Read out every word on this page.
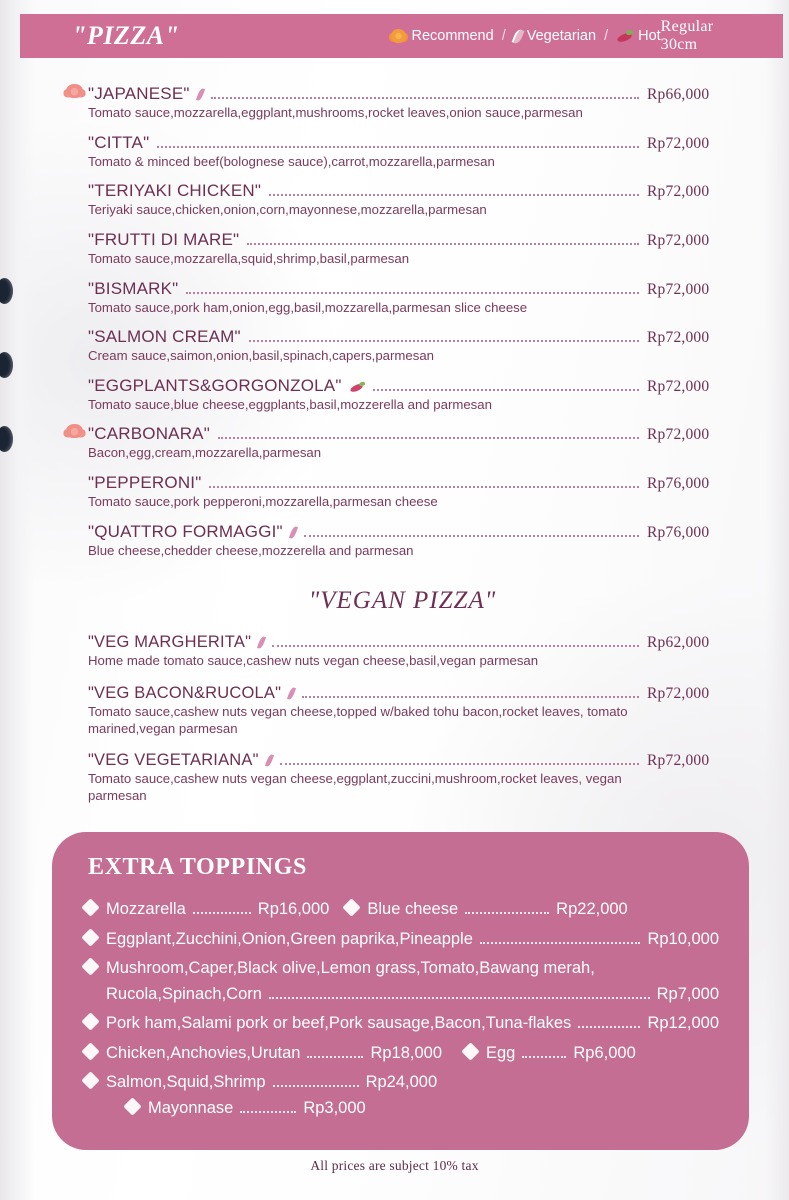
"PIZZA"	Recommend / Vegetarian / Hot
Regular 30cm
"JAPANESE"	Rp66,000
Tomato sauce,mozzarella,eggplant,mushrooms,rocket leaves,onion sauce,parmesan
"CITTA"	Rp72,000
Tomato & minced beef(bolognese sauce),carrot,mozzarella,parmesan
"TERIYAKI CHICKEN"	Rp72,000
Teriyaki sauce,chicken,onion,corn,mayonnese,mozzarella,parmesan
"FRUTTI DI MARE"	Rp72,000
Tomato sauce,mozzarella,squid,shrimp,basil,parmesan
"BISMARK"	Rp72,000
Tomato sauce,pork ham,onion,egg,basil,mozzarella,parmesan slice cheese
"SALMON CREAM"	Rp72,000
Cream sauce,saimon,onion,basil,spinach,capers,parmesan
"EGGPLANTS&GORGONZOLA"	Rp72,000
Tomato sauce,blue cheese,eggplants,basil,mozzerella and parmesan
"CARBONARA"	Rp72,000
Bacon,egg,cream,mozzarella,parmesan
"PEPPERONI"	Rp76,000
Tomato sauce,pork pepperoni,mozzarella,parmesan cheese
"QUATTRO FORMAGGI"	Rp76,000
Blue cheese,chedder cheese,mozzerella and parmesan
"VEGAN PIZZA"
"VEG MARGHERITA"	Rp62,000
Home made tomato sauce,cashew nuts vegan cheese,basil,vegan parmesan
"VEG BACON&RUCOLA"	Rp72,000
Tomato sauce,cashew nuts vegan cheese,topped w/baked tohu bacon,rocket leaves, tomato marined,vegan parmesan
"VEG VEGETARIANA"	Rp72,000
Tomato sauce,cashew nuts vegan cheese,eggplant,zuccini,mushroom,rocket leaves, vegan parmesan
EXTRA TOPPINGS
Mozzarella	Rp16,000 Blue cheese	Rp22,000
Eggplant,Zucchini,Onion,Green paprika,Pineapple	Rp10,000
Mushroom,Caper,Black olive,Lemon grass,Tomato,Bawang merah,
Rucola,Spinach,Corn	Rp7,000
Pork ham,Salami pork or beef,Pork sausage,Bacon,Tuna-flakes	Rp12,000
Chicken,Anchovies,Urutan	Rp18,000	Egg	Rp6,000
Salmon,Squid,Shrimp	Rp24,000
Mayonnase	Rp3,000
All prices are subject 10% tax
